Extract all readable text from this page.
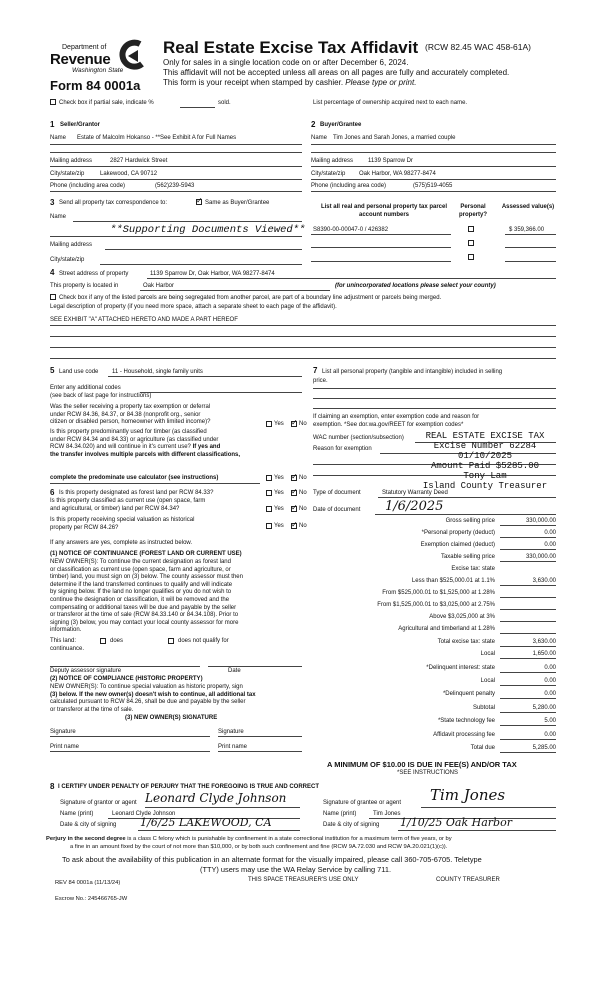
Department of
Revenue
Washington State
Form 84 0001a
Real Estate Excise Tax Affidavit (RCW 82.45 WAC 458-61A)
Only for sales in a single location code on or after December 6, 2024.
This affidavit will not be accepted unless all areas on all pages are fully and accurately completed.
This form is your receipt when stamped by cashier. Please type or print.
Check box if partial sale, indicate %	sold.	List percentage of ownership acquired next to each name.
1 Seller/Grantor
Name Estate of Malcolm Hokanso - **See Exhibit A for Full Names
Mailing address	2827 Hardwick Street
City/state/zip	Lakewood, CA 90712
Phone (including area code)	(562)239-5943
2 Buyer/Grantee
Name Tim Jones and Sarah Jones, a married couple
Mailing address 1139 Sparrow Dr
City/state/zip Oak Harbor, WA 98277-8474
Phone (including area code)	(575)519-4055
3 Send all property tax correspondence to:	✓ Same as Buyer/Grantee
Name
**Supporting Documents Viewed**
Mailing address
City/state/zip
List all real and personal property tax parcel account numbers
Personal property?
Assessed value(s)
S8390-00-00047-0 / 426382	$ 359,366.00
4 Street address of property	1139 Sparrow Dr, Oak Harbor, WA 98277-8474
This property is located in	Oak Harbor	(for unincorporated locations please select your county)
Check box if any of the listed parcels are being segregated from another parcel, are part of a boundary line adjustment or parcels being merged.
Legal description of property (if you need more space, attach a separate sheet to each page of the affidavit).
SEE EXHIBIT "A" ATTACHED HERETO AND MADE A PART HEREOF
5 Land use code 11 - Household, single family units
Enter any additional codes
(see back of last page for instructions)
Was the seller receiving a property tax exemption or deferral
under RCW 84.36, 84.37, or 84.38 (nonprofit org., senior
citizen or disabled person, homeowner with limited income)?	Yes ✓ No
Is this property predominantly used for timber (as classified
under RCW 84.34 and 84.33) or agriculture (as classified under
RCW 84.34.020) and will continue in it's current use? If yes and
the transfer involves multiple parcels with different classifications,
complete the predominate use calculator (see instructions)	Yes ✓ No
6 Is this property designated as forest land per RCW 84.33?	Yes ✓ No
Is this property classified as current use (open space, farm
and agricultural, or timber) land per RCW 84.34?	Yes ✓ No
Is this property receiving special valuation as historical
property per RCW 84.26?	Yes ✓ No
If any answers are yes, complete as instructed below.
(1) NOTICE OF CONTINUANCE (FOREST LAND OR CURRENT USE)
NEW OWNER(S): To continue the current designation as forest land
or classification as current use (open space, farm and agriculture, or
timber) land, you must sign on (3) below. The county assessor must then
determine if the land transferred continues to qualify and will indicate
by signing below. If the land no longer qualifies or you do not wish to
continue the designation or classification, it will be removed and the
compensating or additional taxes will be due and payable by the seller
or transferor at the time of sale (RCW 84.33.140 or 84.34.108). Prior to
signing (3) below, you may contact your local county assessor for more
information.
This land:	does	does not qualify for
continuance.
Deputy assessor signature	Date
(2) NOTICE OF COMPLIANCE (HISTORIC PROPERTY)
NEW OWNER(S): To continue special valuation as historic property, sign
(3) below. If the new owner(s) doesn't wish to continue, all additional tax
calculated pursuant to RCW 84.26, shall be due and payable by the seller
or transferor at the time of sale.
(3) NEW OWNER(S) SIGNATURE
Signature	Signature
Print name	Print name
7 List all personal property (tangible and intangible) included in selling
price.
If claiming an exemption, enter exemption code and reason for
exemption. *See dor.wa.gov/REET for exemption codes*
WAC number (section/subsection)
Reason for exemption
REAL ESTATE EXCISE TAX
Excise Number 62284
01/10/2025
Amount Paid $5285.00
Tony Lam
Island County Treasurer
Type of document	Statutory Warranty Deed
Date of document 1/6/2025
Gross selling price	330,000.00
*Personal property (deduct)	0.00
Exemption claimed (deduct)	0.00
Taxable selling price	330,000.00
Excise tax: state
Less than $525,000.01 at 1.1%	3,630.00
From $525,000.01 to $1,525,000 at 1.28%
From $1,525,000.01 to $3,025,000 at 2.75%
Above $3,025,000 at 3%
Agricultural and timberland at 1.28%
Total excise tax: state	3,630.00
Local	1,650.00
*Delinquent interest: state	0.00
Local	0.00
*Delinquent penalty	0.00
Subtotal	5,280.00
*State technology fee	5.00
Affidavit processing fee	0.00
Total due	5,285.00
A MINIMUM OF $10.00 IS DUE IN FEE(S) AND/OR TAX
*SEE INSTRUCTIONS
8 I CERTIFY UNDER PENALTY OF PERJURY THAT THE FOREGOING IS TRUE AND CORRECT
Signature of grantor or agent Leonard Clyde Johnson
Name (print)	Leonard Clyde Johnson
Date & city of signing 1/6/25 LAKEWOOD, CA
Signature of grantee or agent Tim Jones
Name (print)	Tim Jones
Date & city of signing 1/10/25 Oak Harbor
Perjury in the second degree is a class C felony which is punishable by confinement in a state correctional institution for a maximum term of five years, or by
a fine in an amount fixed by the court of not more than $10,000, or by both such confinement and fine (RCW 9A.72.030 and RCW 9A.20.021(1)(c)).
To ask about the availability of this publication in an alternate format for the visually impaired, please call 360-705-6705. Teletype
(TTY) users may use the WA Relay Service by calling 711.
REV 84 0001a (11/13/24)	THIS SPACE TREASURER'S USE ONLY	COUNTY TREASURER
Escrow No.: 245466765-JW
